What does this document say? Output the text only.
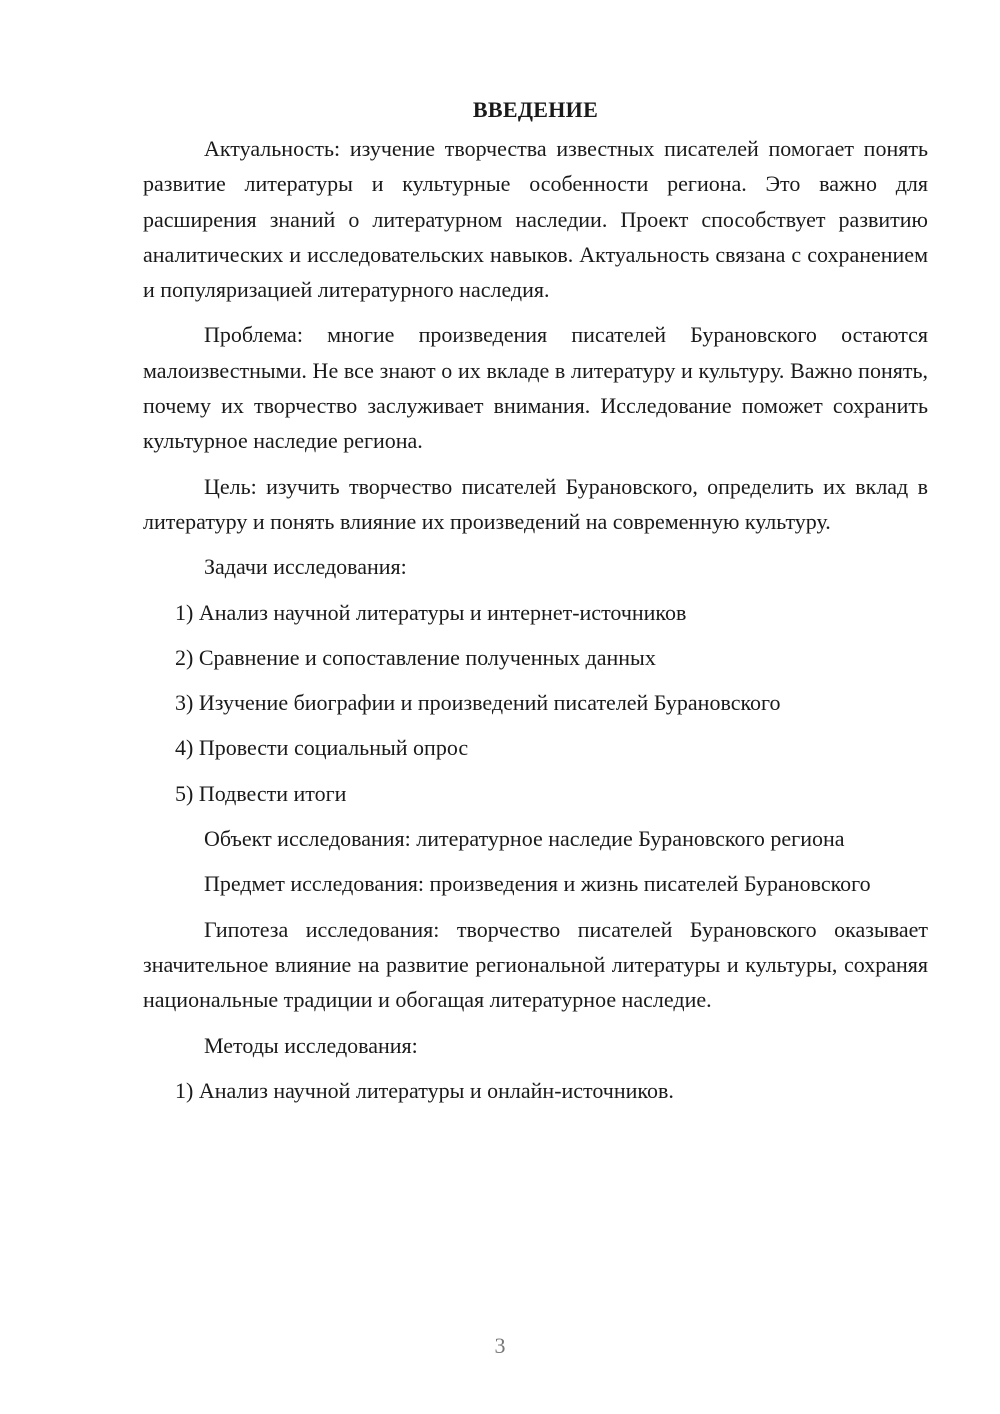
ВВЕДЕНИЕ

Актуальность: изучение творчества известных писателей помогает понять развитие литературы и культурные особенности региона. Это важно для расширения знаний о литературном наследии. Проект способствует развитию аналитических и исследовательских навыков. Актуальность связана с сохранением и популяризацией литературного наследия.

Проблема: многие произведения писателей Бурановского остаются малоизвестными. Не все знают о их вкладе в литературу и культуру. Важно понять, почему их творчество заслуживает внимания. Исследование поможет сохранить культурное наследие региона.

Цель: изучить творчество писателей Бурановского, определить их вклад в литературу и понять влияние их произведений на современную культуру.

Задачи исследования:

1) Анализ научной литературы и интернет-источников

2) Сравнение и сопоставление полученных данных

3) Изучение биографии и произведений писателей Бурановского

4) Провести социальный опрос

5) Подвести итоги

Объект исследования: литературное наследие Бурановского региона

Предмет исследования: произведения и жизнь писателей Бурановского

Гипотеза исследования: творчество писателей Бурановского оказывает значительное влияние на развитие региональной литературы и культуры, сохраняя национальные традиции и обогащая литературное наследие.

Методы исследования:

1) Анализ научной литературы и онлайн-источников.

3
